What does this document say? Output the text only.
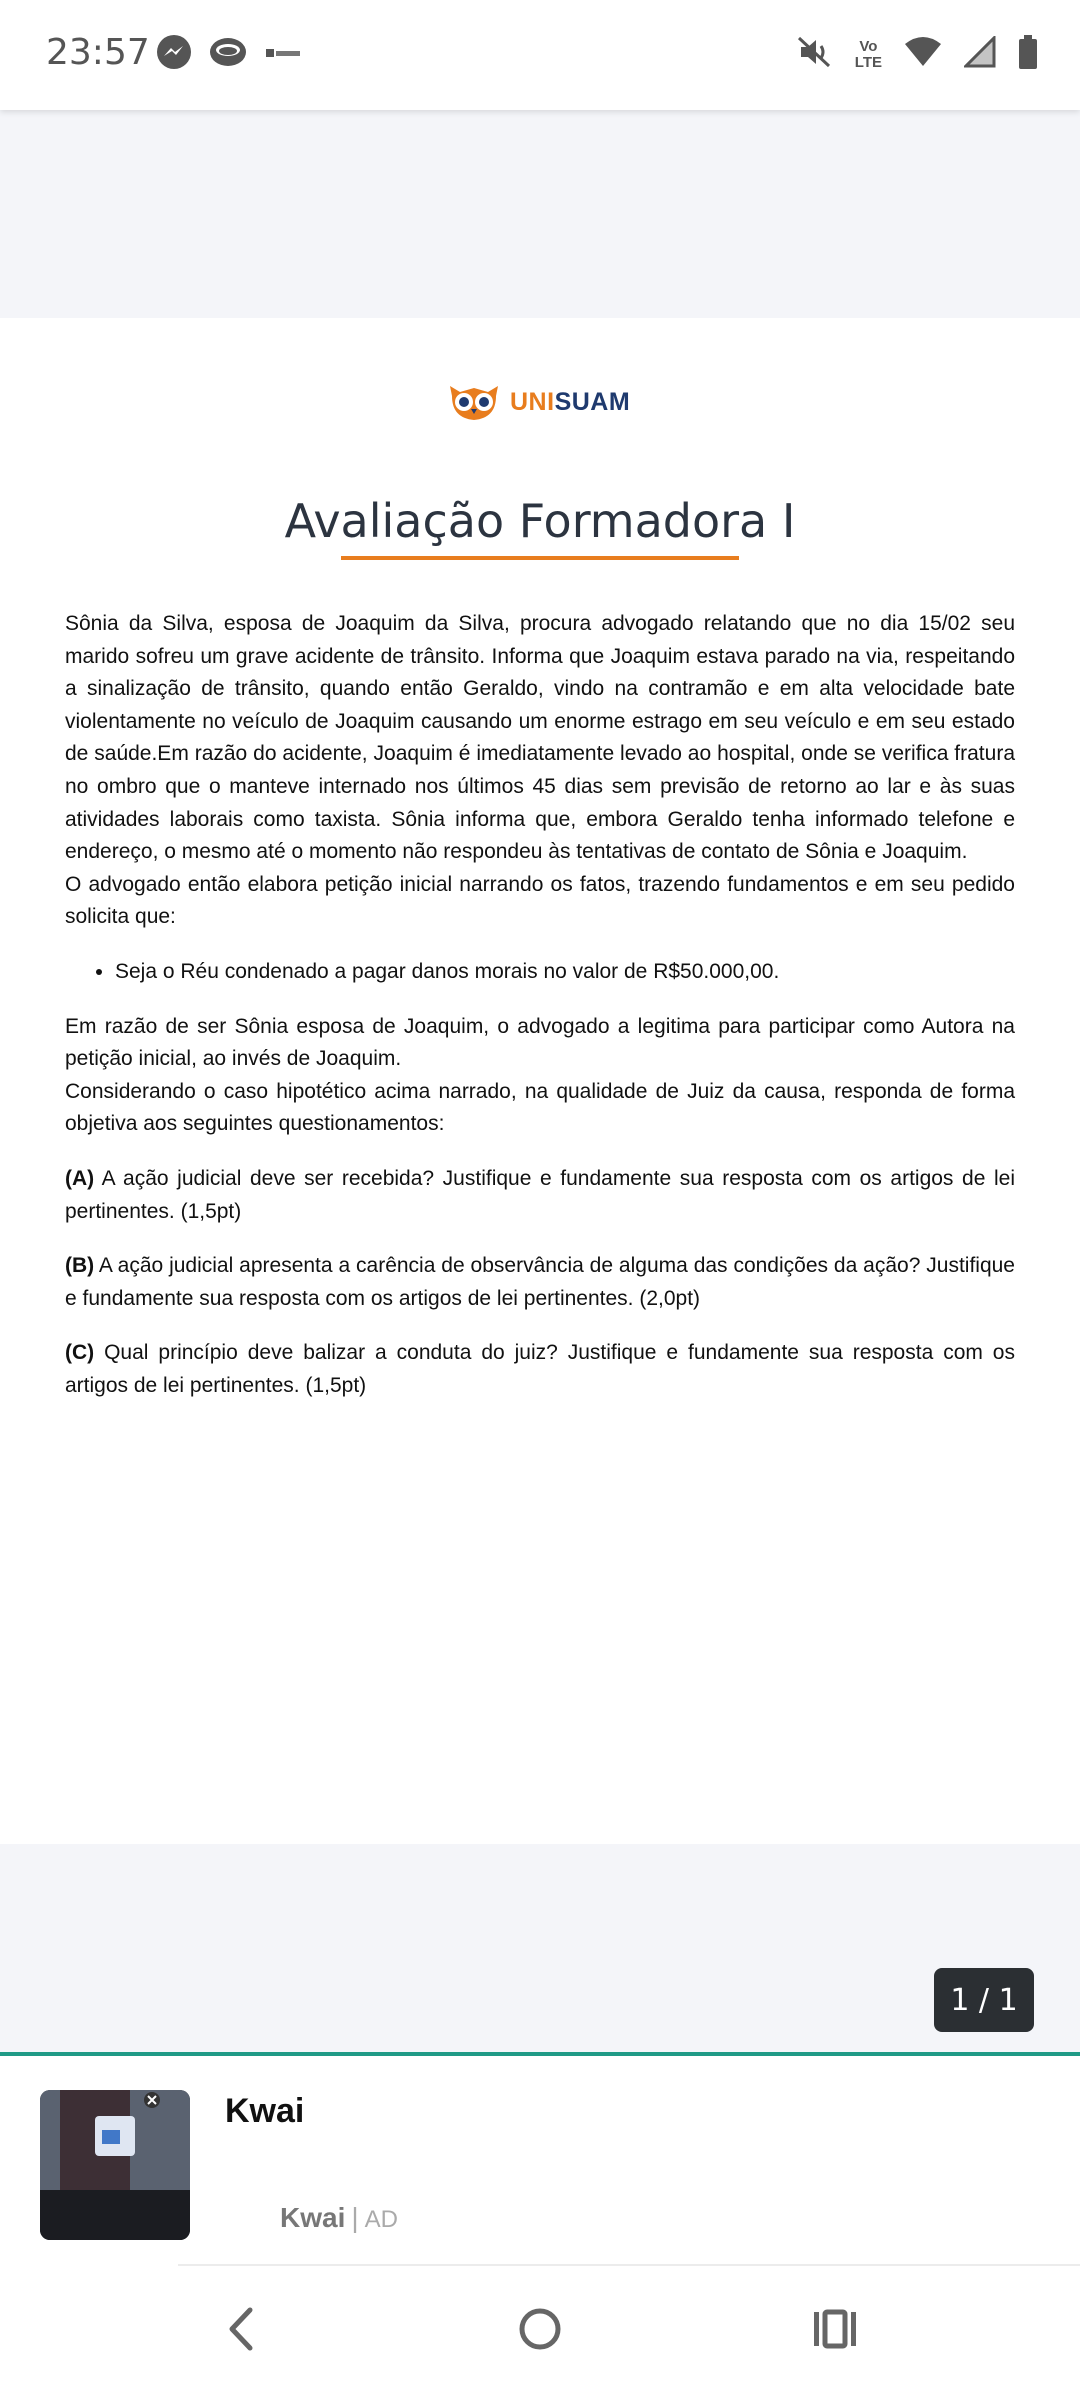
23:57	Vo
LTE
UNISUAM
Avaliação Formadora I

Sônia da Silva, esposa de Joaquim da Silva, procura advogado relatando que no dia 15/02 seu marido sofreu um grave acidente de trânsito. Informa que Joaquim estava parado na via, respeitando a sinalização de trânsito, quando então Geraldo, vindo na contramão e em alta velocidade bate violentamente no veículo de Joaquim causando um enorme estrago em seu veículo e em seu estado de saúde.Em razão do acidente, Joaquim é imediatamente levado ao hospital, onde se verifica fratura no ombro que o manteve internado nos últimos 45 dias sem previsão de retorno ao lar e às suas atividades laborais como taxista. Sônia informa que, embora Geraldo tenha informado telefone e endereço, o mesmo até o momento não respondeu às tentativas de contato de Sônia e Joaquim.

O advogado então elabora petição inicial narrando os fatos, trazendo fundamentos e em seu pedido solicita que:

• Seja o Réu condenado a pagar danos morais no valor de R$50.000,00.

Em razão de ser Sônia esposa de Joaquim, o advogado a legitima para participar como Autora na petição inicial, ao invés de Joaquim.

Considerando o caso hipotético acima narrado, na qualidade de Juiz da causa, responda de forma objetiva aos seguintes questionamentos:

(A) A ação judicial deve ser recebida? Justifique e fundamente sua resposta com os artigos de lei pertinentes. (1,5pt)

(B) A ação judicial apresenta a carência de observância de alguma das condições da ação? Justifique e fundamente sua resposta com os artigos de lei pertinentes. (2,0pt)

(C) Qual princípio deve balizar a conduta do juiz? Justifique e fundamente sua resposta com os artigos de lei pertinentes. (1,5pt)

1 / 1
Kwai
Kwai | AD
